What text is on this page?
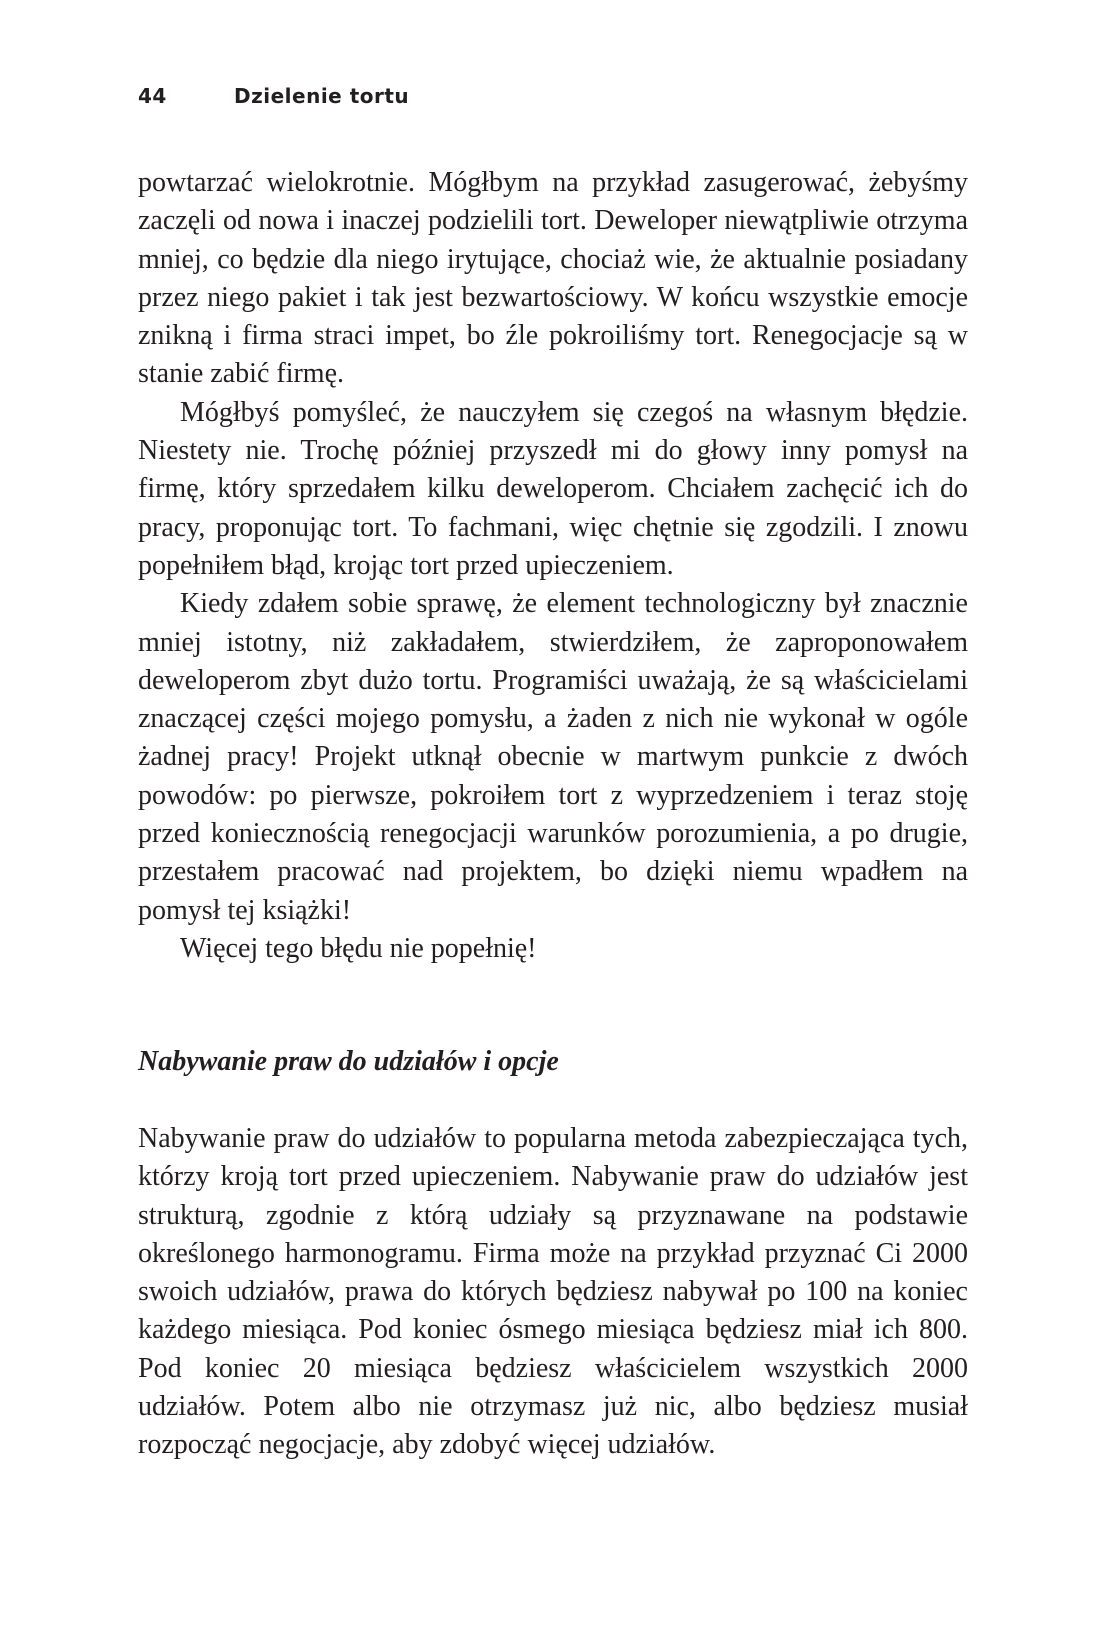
44	Dzielenie tortu

powtarzać wielokrotnie. Mógłbym na przykład zasugerować, żebyśmy zaczęli od nowa i inaczej podzielili tort. Deweloper niewątpliwie otrzyma mniej, co będzie dla niego irytujące, chociaż wie, że aktualnie posiadany przez niego pakiet i tak jest bezwartościowy. W końcu wszystkie emocje znikną i firma straci impet, bo źle pokroiliśmy tort. Renegocjacje są w stanie zabić firmę.

Mógłbyś pomyśleć, że nauczyłem się czegoś na własnym błędzie. Niestety nie. Trochę później przyszedł mi do głowy inny pomysł na firmę, który sprzedałem kilku deweloperom. Chciałem zachęcić ich do pracy, proponując tort. To fachmani, więc chętnie się zgodzili. I znowu popełniłem błąd, krojąc tort przed upieczeniem.

Kiedy zdałem sobie sprawę, że element technologiczny był znacznie mniej istotny, niż zakładałem, stwierdziłem, że zaproponowałem deweloperom zbyt dużo tortu. Programiści uważają, że są właścicielami znaczącej części mojego pomysłu, a żaden z nich nie wykonał w ogóle żadnej pracy! Projekt utknął obecnie w martwym punkcie z dwóch powodów: po pierwsze, pokroiłem tort z wyprzedzeniem i teraz stoję przed koniecznością renegocjacji warunków porozumienia, a po drugie, przestałem pracować nad projektem, bo dzięki niemu wpadłem na pomysł tej książki!

Więcej tego błędu nie popełnię!

Nabywanie praw do udziałów i opcje

Nabywanie praw do udziałów to popularna metoda zabezpieczająca tych, którzy kroją tort przed upieczeniem. Nabywanie praw do udziałów jest strukturą, zgodnie z którą udziały są przyznawane na podstawie określonego harmonogramu. Firma może na przykład przyznać Ci 2000 swoich udziałów, prawa do których będziesz nabywał po 100 na koniec każdego miesiąca. Pod koniec ósmego miesiąca będziesz miał ich 800. Pod koniec 20 miesiąca będziesz właścicielem wszystkich 2000 udziałów. Potem albo nie otrzymasz już nic, albo będziesz musiał rozpocząć negocjacje, aby zdobyć więcej udziałów.
